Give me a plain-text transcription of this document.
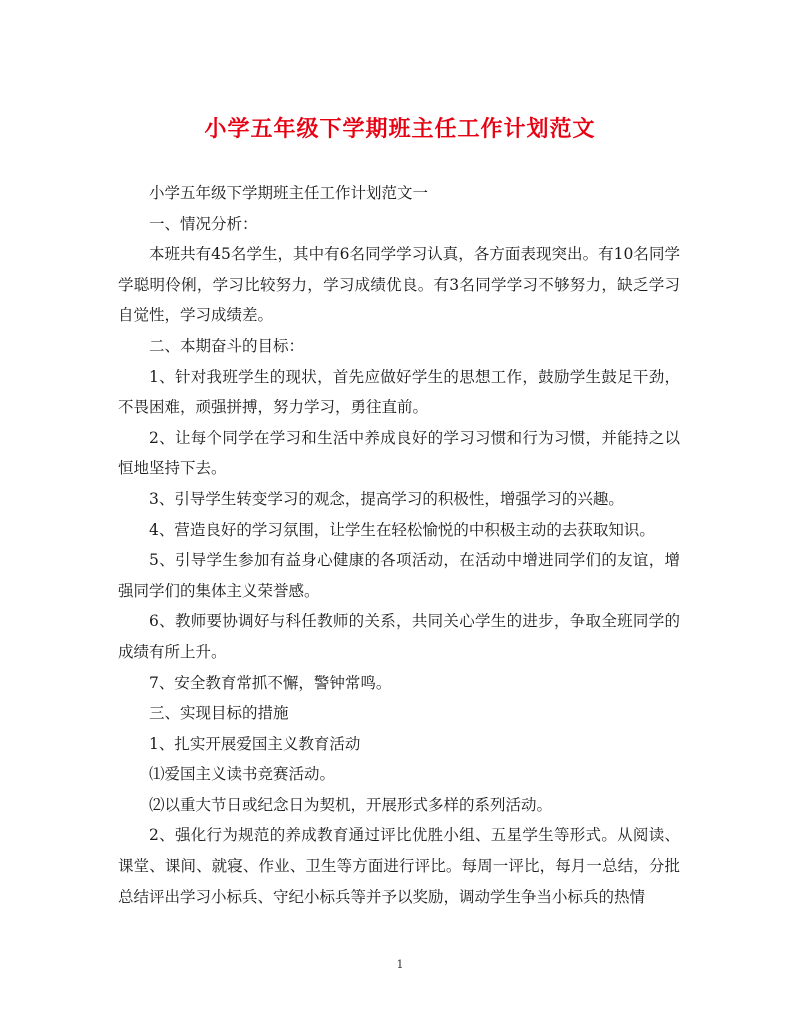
小学五年级下学期班主任工作计划范文

小学五年级下学期班主任工作计划范文一

一、情况分析：

本班共有45名学生，其中有6名同学学习认真，各方面表现突出。有10名同学学聪明伶俐，学习比较努力，学习成绩优良。有3名同学学习不够努力，缺乏学习自觉性，学习成绩差。

二、本期奋斗的目标：

1、针对我班学生的现状，首先应做好学生的思想工作，鼓励学生鼓足干劲，不畏困难，顽强拼搏，努力学习，勇往直前。

2、让每个同学在学习和生活中养成良好的学习习惯和行为习惯，并能持之以恒地坚持下去。

3、引导学生转变学习的观念，提高学习的积极性，增强学习的兴趣。

4、营造良好的学习氛围，让学生在轻松愉悦的中积极主动的去获取知识。

5、引导学生参加有益身心健康的各项活动，在活动中增进同学们的友谊，增强同学们的集体主义荣誉感。

6、教师要协调好与科任教师的关系，共同关心学生的进步，争取全班同学的成绩有所上升。

7、安全教育常抓不懈，警钟常鸣。

三、实现目标的措施

1、扎实开展爱国主义教育活动

⑴爱国主义读书竞赛活动。

⑵以重大节日或纪念日为契机，开展形式多样的系列活动。

2、强化行为规范的养成教育通过评比优胜小组、五星学生等形式。从阅读、课堂、课间、就寝、作业、卫生等方面进行评比。每周一评比，每月一总结，分批总结评出学习小标兵、守纪小标兵等并予以奖励，调动学生争当小标兵的热情

1
